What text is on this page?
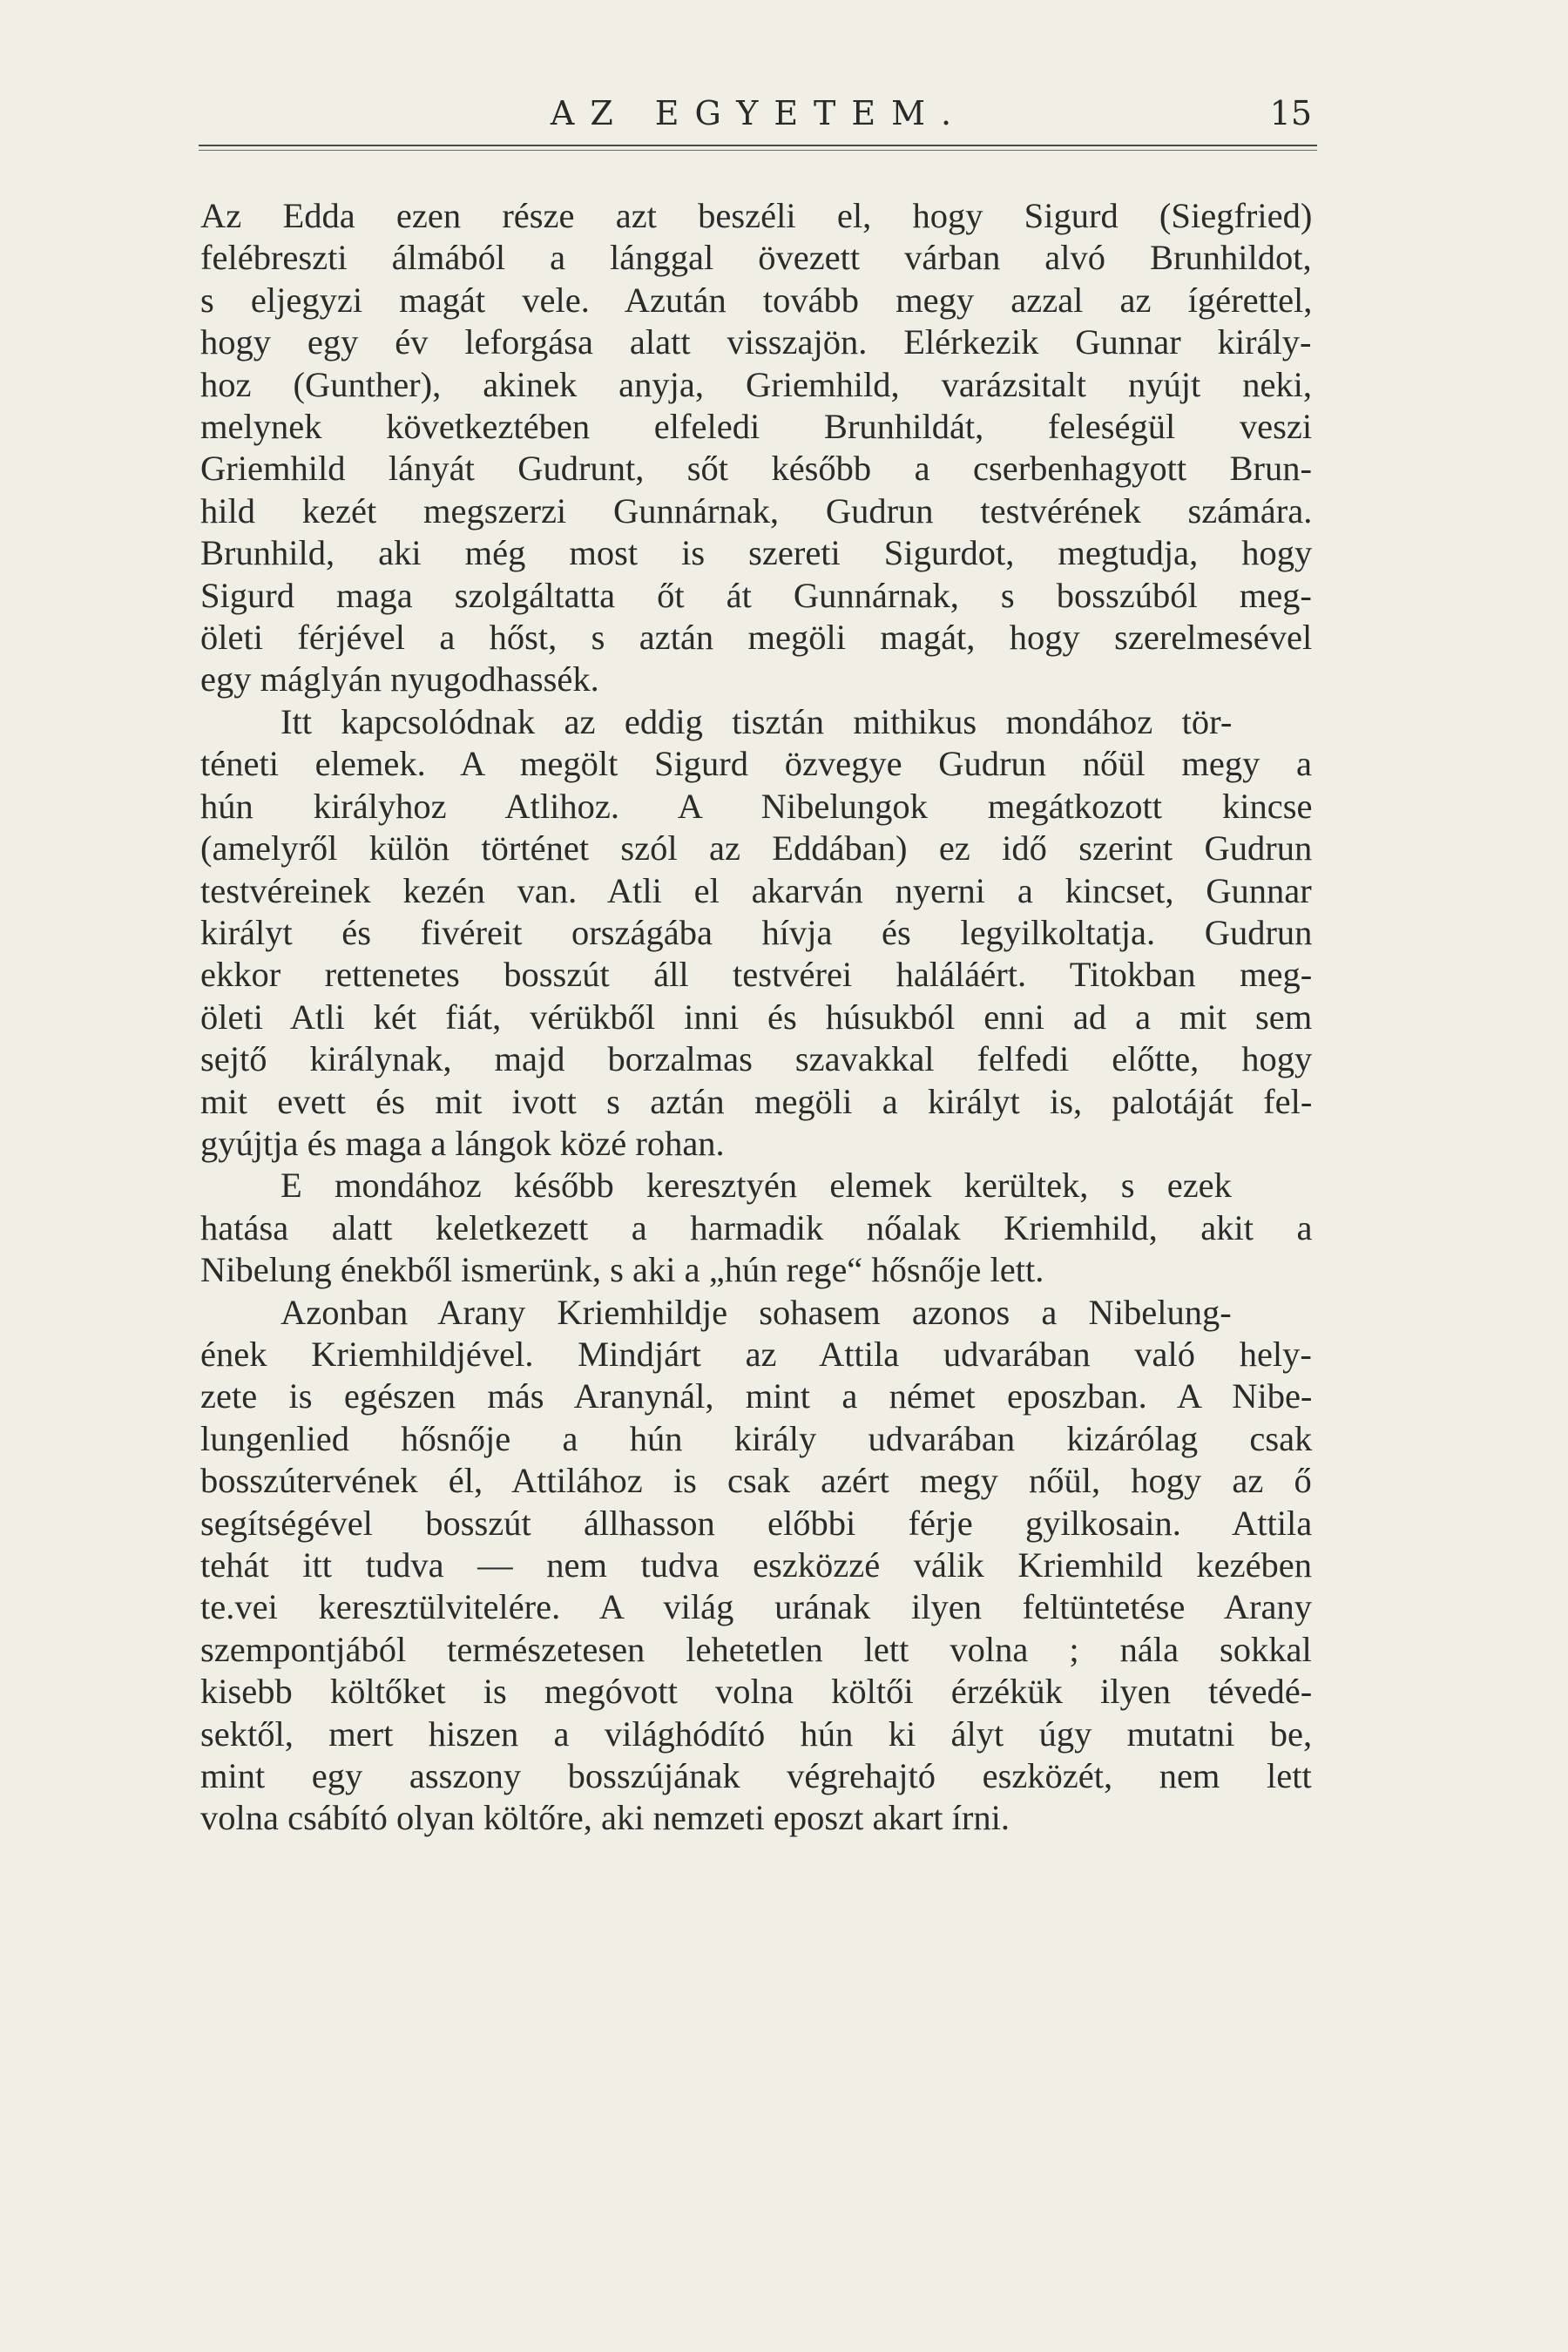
AZ EGYETEM.	15
Az Edda ezen része azt beszéli el, hogy Sigurd (Siegfried)
felébreszti álmából a lánggal övezett várban alvó Brunhildot,
s eljegyzi magát vele. Azután tovább megy azzal az ígérettel,
hogy egy év leforgása alatt visszajön. Elérkezik Gunnar király-
hoz (Gunther), akinek anyja, Griemhild, varázsitalt nyújt neki,
melynek következtében elfeledi Brunhildát, feleségül veszi
Griemhild lányát Gudrunt, sőt később a cserbenhagyott Brun-
hild kezét megszerzi Gunnárnak, Gudrun testvérének számára.
Brunhild, aki még most is szereti Sigurdot, megtudja, hogy
Sigurd maga szolgáltatta őt át Gunnárnak, s bosszúból meg-
öleti férjével a hőst, s aztán megöli magát, hogy szerelmesével
egy máglyán nyugodhassék.
Itt kapcsolódnak az eddig tisztán mithikus mondához tör-
téneti elemek. A megölt Sigurd özvegye Gudrun nőül megy a
hún királyhoz Atlihoz. A Nibelungok megátkozott kincse
(amelyről külön történet szól az Eddában) ez idő szerint Gudrun
testvéreinek kezén van. Atli el akarván nyerni a kincset, Gunnar
királyt és fivéreit országába hívja és legyilkoltatja. Gudrun
ekkor rettenetes bosszút áll testvérei haláláért. Titokban meg-
öleti Atli két fiát, vérükből inni és húsukból enni ad a mit sem
sejtő királynak, majd borzalmas szavakkal felfedi előtte, hogy
mit evett és mit ivott s aztán megöli a királyt is, palotáját fel-
gyújtja és maga a lángok közé rohan.
E mondához később keresztyén elemek kerültek, s ezek
hatása alatt keletkezett a harmadik nőalak Kriemhild, akit a
Nibelung énekből ismerünk, s aki a „hún rege“ hősnője lett.
Azonban Arany Kriemhildje sohasem azonos a Nibelung-
ének Kriemhildjével. Mindjárt az Attila udvarában való hely-
zete is egészen más Aranynál, mint a német eposzban. A Nibe-
lungenlied hősnője a hún király udvarában kizárólag csak
bosszútervének él, Attilához is csak azért megy nőül, hogy az ő
segítségével bosszút állhasson előbbi férje gyilkosain. Attila
tehát itt tudva — nem tudva eszközzé válik Kriemhild kezében
te.vei keresztülvitelére. A világ urának ilyen feltüntetése Arany
szempontjából természetesen lehetetlen lett volna ; nála sokkal
kisebb költőket is megóvott volna költői érzékük ilyen tévedé-
sektől, mert hiszen a világhódító hún ki ályt úgy mutatni be,
mint egy asszony bosszújának végrehajtó eszközét, nem lett
volna csábító olyan költőre, aki nemzeti eposzt akart írni.
